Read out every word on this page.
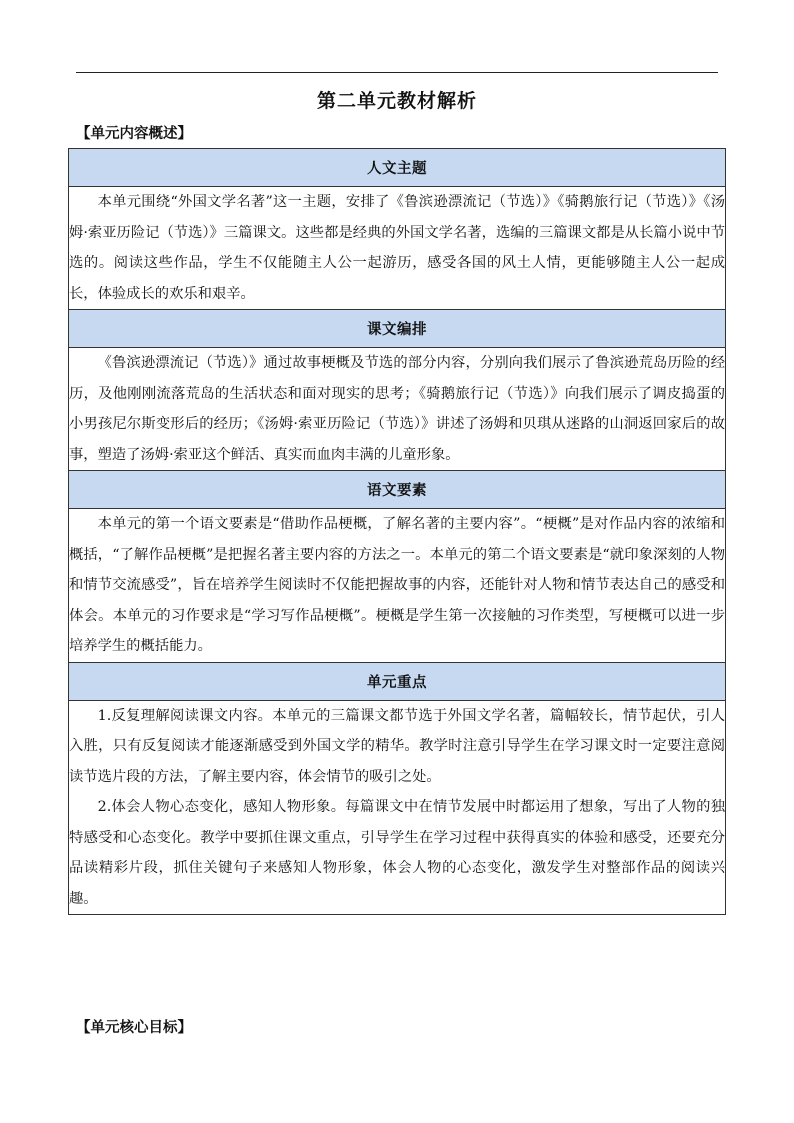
第二单元教材解析
【单元内容概述】
人文主题

本单元围绕“外国文学名著”这一主题，安排了《鲁滨逊漂流记（节选）》《骑鹅旅行记（节选）》《汤姆·索亚历险记（节选）》三篇课文。这些都是经典的外国文学名著，选编的三篇课文都是从长篇小说中节选的。阅读这些作品，学生不仅能随主人公一起游历，感受各国的风土人情，更能够随主人公一起成长，体验成长的欢乐和艰辛。

课文编排

《鲁滨逊漂流记（节选）》通过故事梗概及节选的部分内容，分别向我们展示了鲁滨逊荒岛历险的经历，及他刚刚流落荒岛的生活状态和面对现实的思考；《骑鹅旅行记（节选）》向我们展示了调皮捣蛋的小男孩尼尔斯变形后的经历；《汤姆·索亚历险记（节选）》讲述了汤姆和贝琪从迷路的山洞返回家后的故事，塑造了汤姆·索亚这个鲜活、真实而血肉丰满的儿童形象。

语文要素

本单元的第一个语文要素是“借助作品梗概，了解名著的主要内容”。“梗概”是对作品内容的浓缩和概括，“了解作品梗概”是把握名著主要内容的方法之一。本单元的第二个语文要素是“就印象深刻的人物和情节交流感受”，旨在培养学生阅读时不仅能把握故事的内容，还能针对人物和情节表达自己的感受和体会。本单元的习作要求是“学习写作品梗概”。梗概是学生第一次接触的习作类型，写梗概可以进一步培养学生的概括能力。

单元重点

1.反复理解阅读课文内容。本单元的三篇课文都节选于外国文学名著，篇幅较长，情节起伏，引人入胜，只有反复阅读才能逐渐感受到外国文学的精华。教学时注意引导学生在学习课文时一定要注意阅读节选片段的方法，了解主要内容，体会情节的吸引之处。

2.体会人物心态变化，感知人物形象。每篇课文中在情节发展中时都运用了想象，写出了人物的独特感受和心态变化。教学中要抓住课文重点，引导学生在学习过程中获得真实的体验和感受，还要充分品读精彩片段，抓住关键句子来感知人物形象，体会人物的心态变化，激发学生对整部作品的阅读兴趣。

【单元核心目标】
